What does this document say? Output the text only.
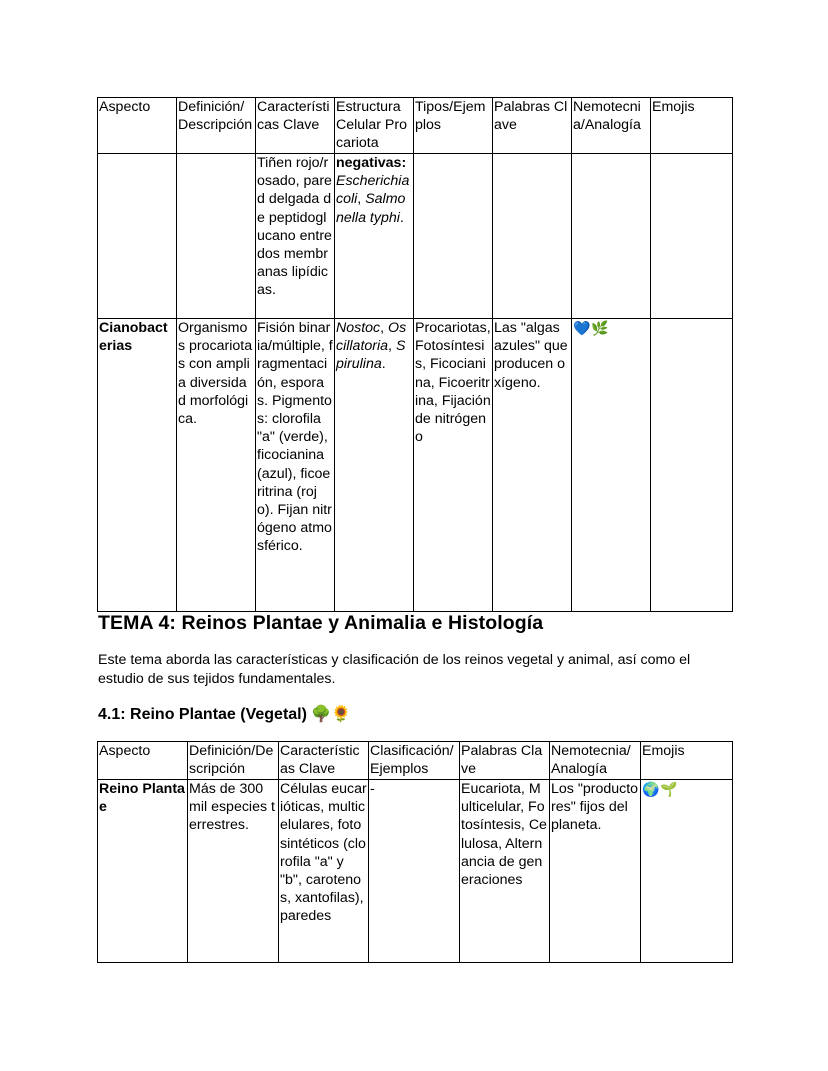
Aspecto	Definición/ Descripción	Características Clave	Estructura Celular Procariota	Tipos/Ejemplos	Palabras Clave	Nemotecnia/Analogía	Emojis
		Tiñen rojo/rosado, pared delgada de peptidoglucano entre dos membranas lipídicas.	negativas: Escherichia coli, Salmonella typhi.				
Cianobacterias	Organismos procariotas con amplia diversidad morfológica.	Fisión binaria/múltiple, fragmentación, esporas. Pigmentos: clorofila "a" (verde), ficocianina (azul), ficoeritrina (rojo). Fijan nitrógeno atmosférico.	Nostoc, Oscillatoria, Spirulina.	Procariotas, Fotosíntesis, Ficocianina, Ficoeritrina, Fijación de nitrógeno	Las "algas azules" que producen oxígeno.	💙🌿	
TEMA 4: Reinos Plantae y Animalia e Histología

Este tema aborda las características y clasificación de los reinos vegetal y animal, así como el estudio de sus tejidos fundamentales.

4.1: Reino Plantae (Vegetal) 🌳🌻
Aspecto	Definición/Descripción	Características Clave	Clasificación/Ejemplos	Palabras Clave	Nemotecnia/Analogía	Emojis
Reino Plantae	Más de 300 mil especies terrestres.	Células eucarióticas, multicelulares, fotosintéticos (clorofila "a" y "b", carotenos, xantofilas), paredes	-	Eucariota, Multicelular, Fotosíntesis, Celulosa, Alternancia de generaciones	Los "productores" fijos del planeta.	🌍🌱
